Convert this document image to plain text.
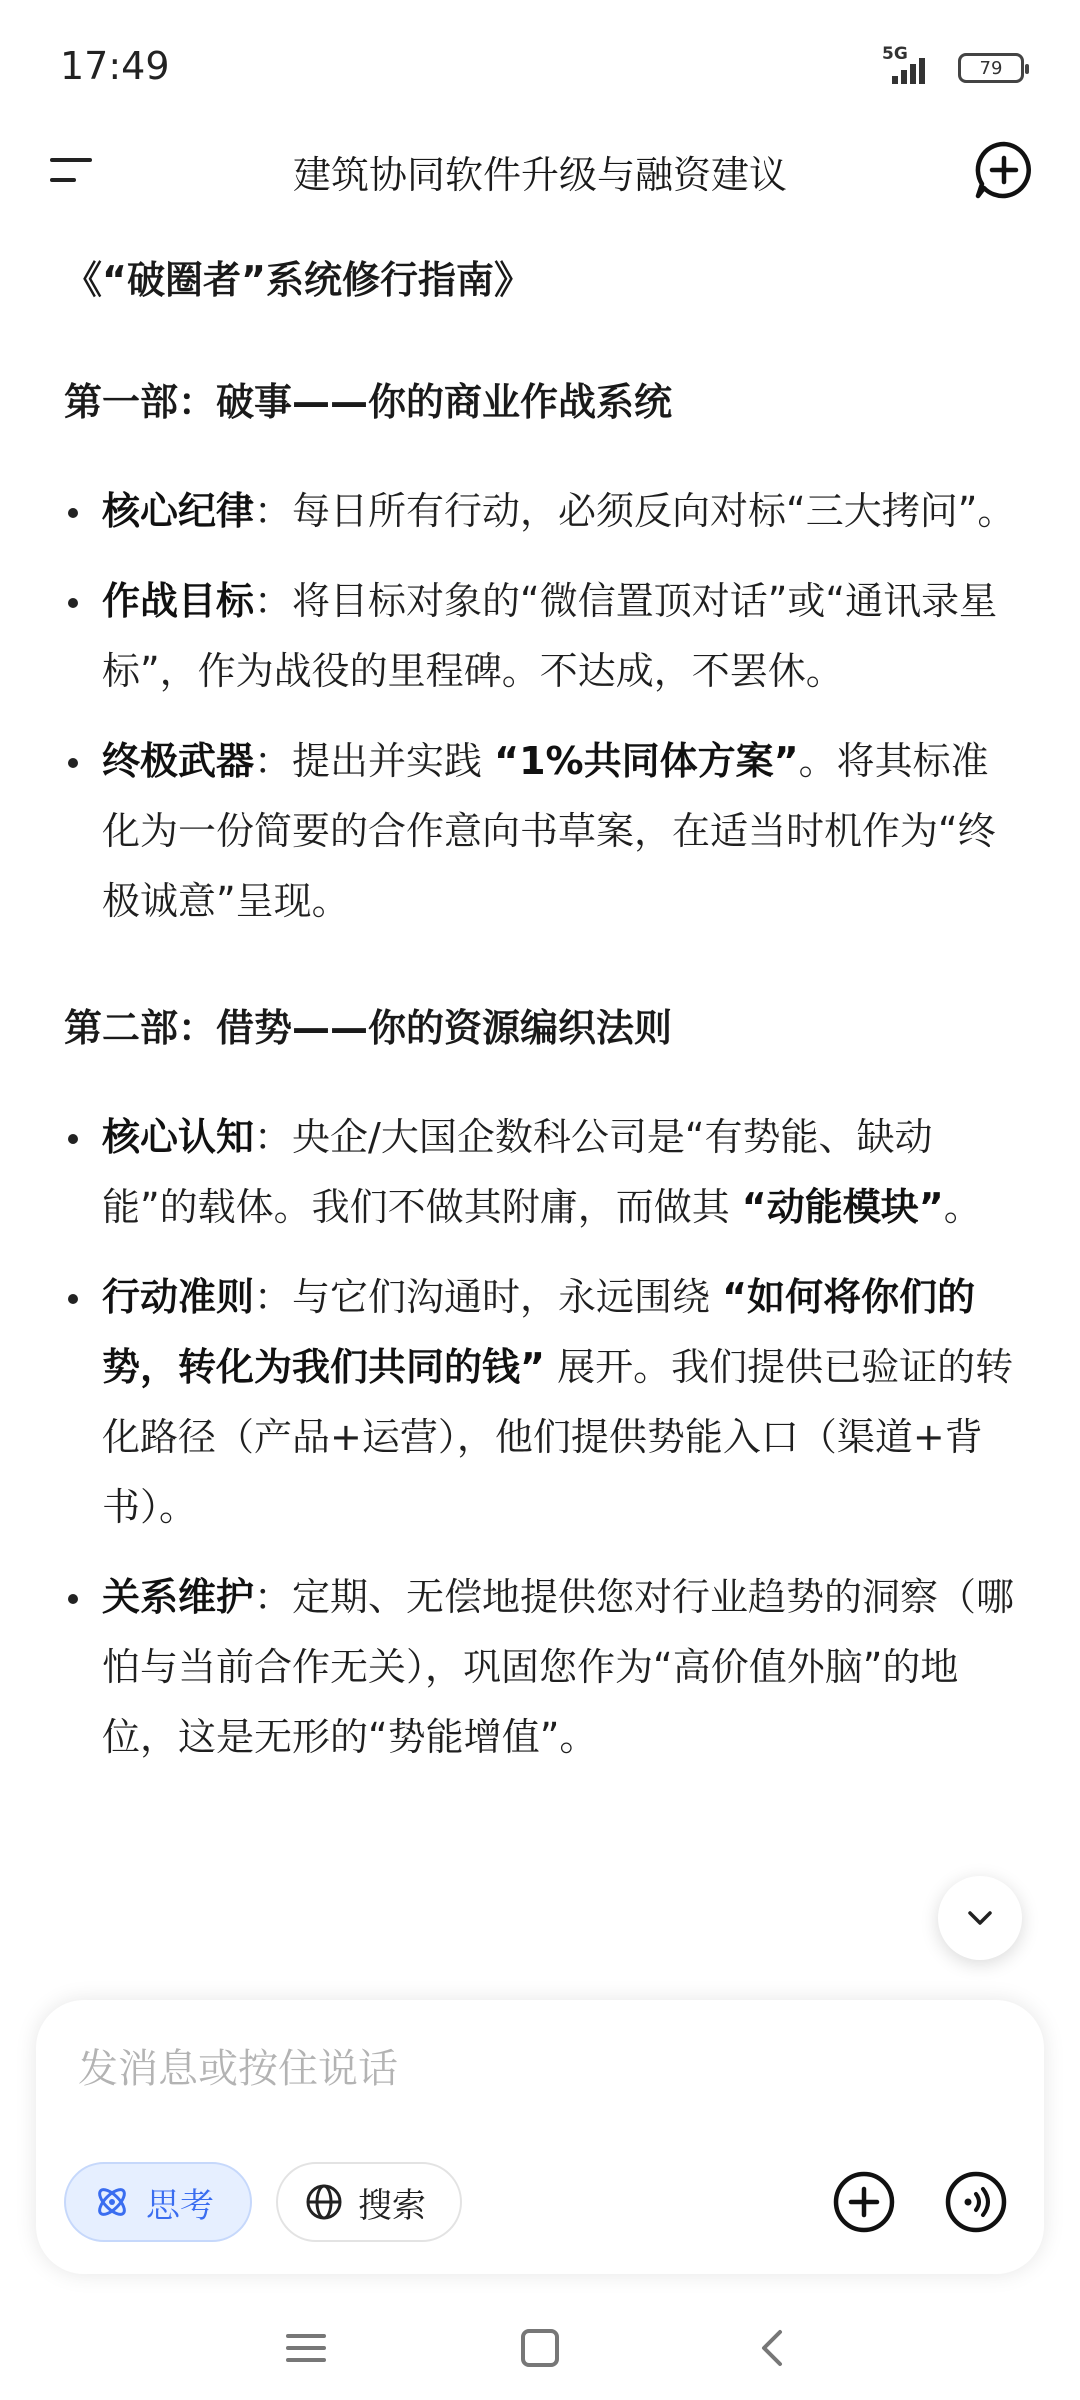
17:49	5G
79
建筑协同软件升级与融资建议
《“破圈者”系统修行指南》
第一部：破事——你的商业作战系统
核心纪律：每日所有行动，必须反向对标“三大拷问”。
作战目标：将目标对象的“微信置顶对话”或“通讯录星标”，作为战役的里程碑。不达成，不罢休。
终极武器：提出并实践 “1%共同体方案”。将其标准化为一份简要的合作意向书草案，在适当时机作为“终极诚意”呈现。
第二部：借势——你的资源编织法则
核心认知：央企/大国企数科公司是“有势能、缺动能”的载体。我们不做其附庸，而做其 “动能模块”。
行动准则：与它们沟通时，永远围绕 “如何将你们的势，转化为我们共同的钱” 展开。我们提供已验证的转化路径（产品+运营），他们提供势能入口（渠道+背书）。
关系维护：定期、无偿地提供您对行业趋势的洞察（哪怕与当前合作无关），巩固您作为“高价值外脑”的地位，这是无形的“势能增值”。
发消息或按住说话
思考	搜索
